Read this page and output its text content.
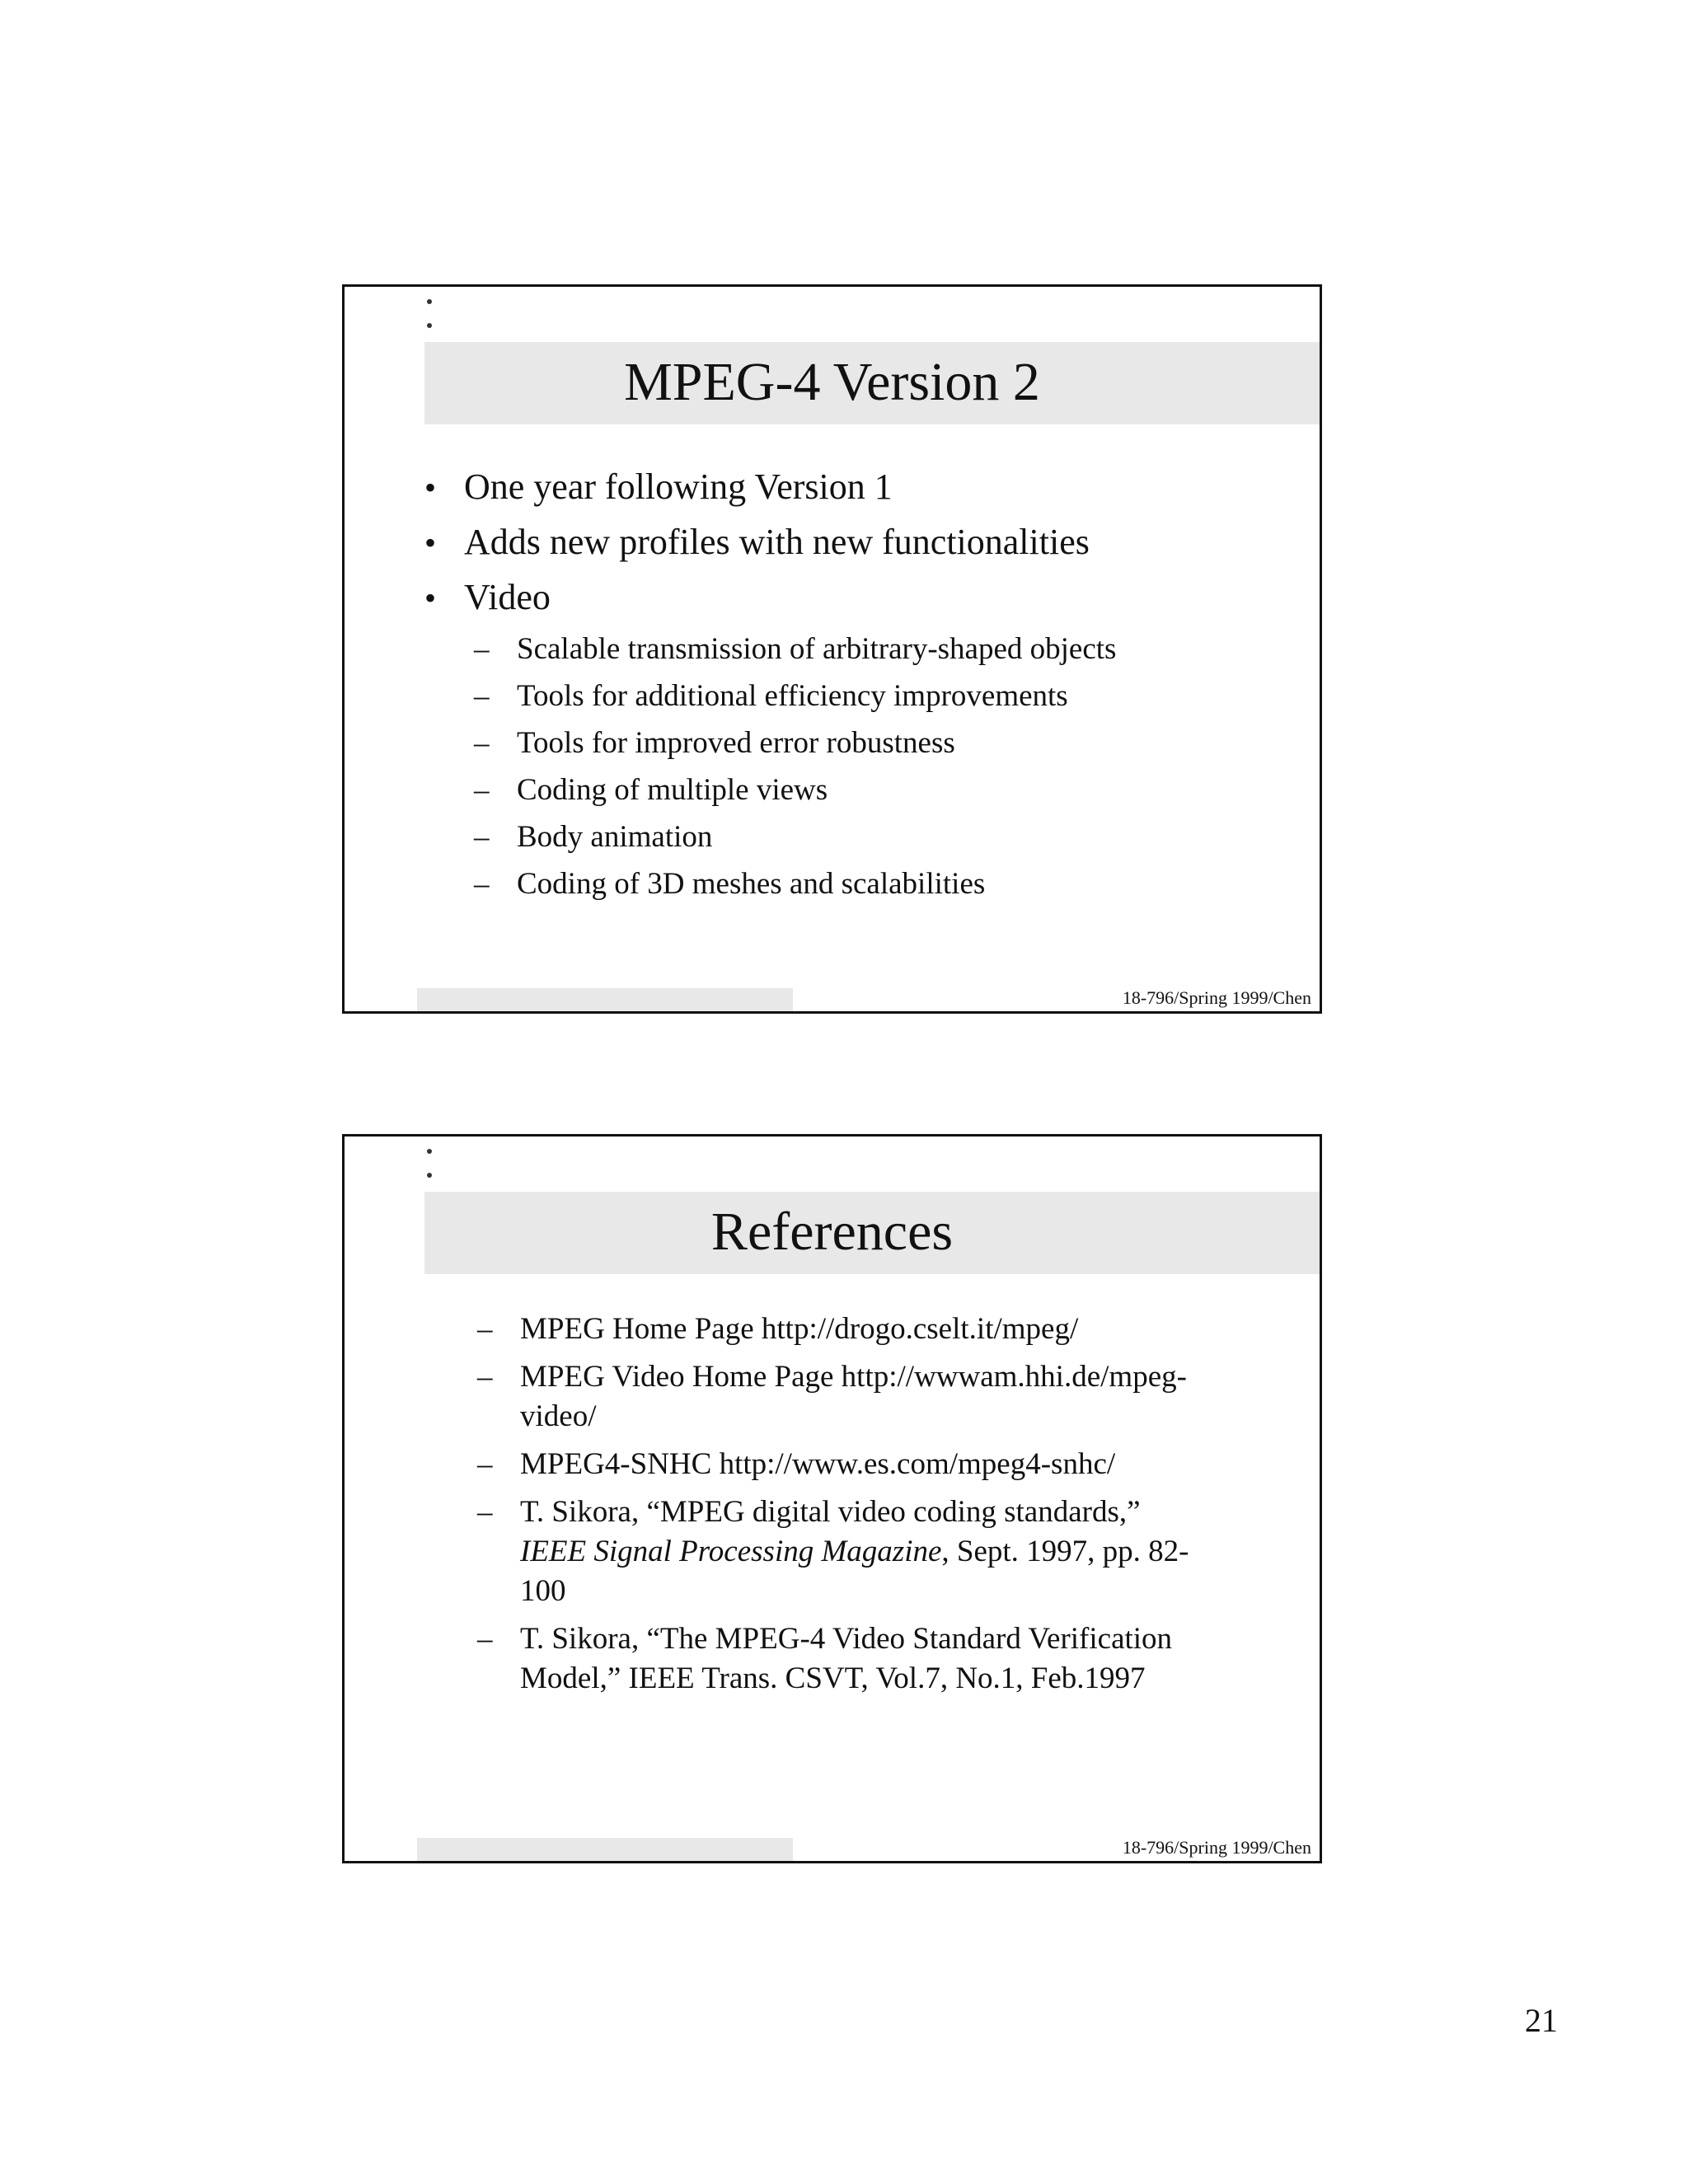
MPEG-4 Version 2
• One year following Version 1
• Adds new profiles with new functionalities
• Video
– Scalable transmission of arbitrary-shaped objects
– Tools for additional efficiency improvements
– Tools for improved error robustness
– Coding of multiple views
– Body animation
– Coding of 3D meshes and scalabilities
18-796/Spring 1999/Chen
References
– MPEG Home Page http://drogo.cselt.it/mpeg/
– MPEG Video Home Page http://wwwam.hhi.de/mpeg-
video/
– MPEG4-SNHC http://www.es.com/mpeg4-snhc/
– T. Sikora, “MPEG digital video coding standards,”
IEEE Signal Processing Magazine, Sept. 1997, pp. 82-
100
– T. Sikora, “The MPEG-4 Video Standard Verification
Model,” IEEE Trans. CSVT, Vol.7, No.1, Feb.1997
18-796/Spring 1999/Chen
21
